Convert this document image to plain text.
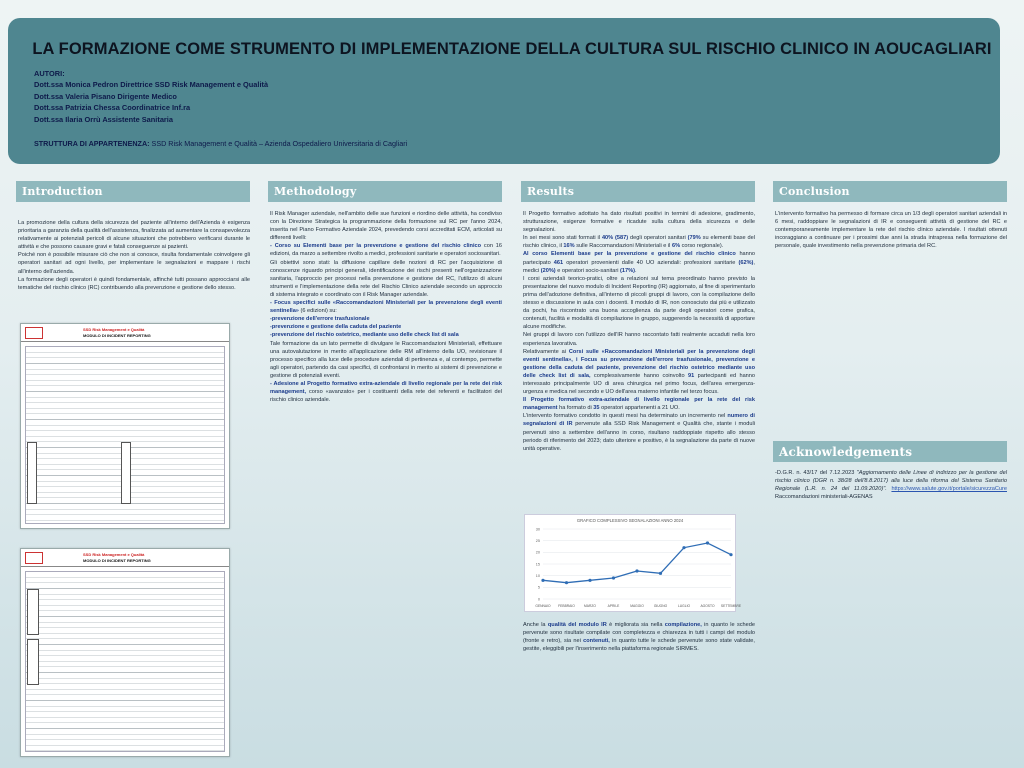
LA FORMAZIONE COME STRUMENTO DI IMPLEMENTAZIONE DELLA CULTURA SUL RISCHIO CLINICO IN AOUCAGLIARI
AUTORI:
Dott.ssa Monica Pedron Direttrice SSD Risk Management e Qualità
Dott.ssa Valeria Pisano Dirigente Medico
Dott.ssa Patrizia Chessa Coordinatrice Inf.ra
Dott.ssa Ilaria Orrù Assistente Sanitaria
STRUTTURA DI APPARTENENZA: SSD Risk Management e Qualità – Azienda Ospedaliero Universitaria di Cagliari
Introduction

La promozione della cultura della sicurezza del paziente all'interno dell'Azienda è esigenza prioritaria a garanzia della qualità dell'assistenza, finalizzata ad aumentare la consapevolezza relativamente ai potenziali pericoli di alcune situazioni che potrebbero verificarsi durante le attività e che possono causare gravi e fatali conseguenze ai pazienti.

Poiché non è possibile misurare ciò che non si conosce, risulta fondamentale coinvolgere gli operatori sanitari ad ogni livello, per implementare le segnalazioni e mappare i rischi all'interno dell'azienda.

La formazione degli operatori è quindi fondamentale, affinché tutti possano approcciarsi alle tematiche del rischio clinico (RC) contribuendo alla prevenzione e gestione dello stesso.

SSD Risk Management e Qualità
MODULO DI INCIDENT REPORTING
SSD Risk Management e Qualità
MODULO DI INCIDENT REPORTING
Methodology

Il Risk Manager aziendale, nell'ambito delle sue funzioni e riordino delle attività, ha condiviso con la Direzione Strategica la programmazione della formazione sul RC per l'anno 2024, inserita nel Piano Formativo Aziendale 2024, prevedendo corsi accreditati ECM, articolati su differenti livelli:

- Corso su Elementi base per la prevenzione e gestione del rischio clinico con 16 edizioni, da marzo a settembre rivolto a medici, professioni sanitarie e operatori sociosanitari.

Gli obiettivi sono stati: la diffusione capillare delle nozioni di RC per l'acquisizione di conoscenze riguardo principi generali, identificazione dei rischi presenti nell'organizzazione sanitaria, l'approccio per processi nella prevenzione e gestione del RC, l'utilizzo di alcuni strumenti e l'implementazione della rete del Rischio Clinico aziendale secondo un approccio di sistema integrato e coordinato con il Risk Manager aziendale.

- Focus specifici sulle «Raccomandazioni Ministeriali per la prevenzione degli eventi sentinella» (6 edizioni) su:

-prevenzione dell'errore trasfusionale

-prevenzione e gestione della caduta del paziente

-prevenzione del rischio ostetrico, mediante uso delle check list di sala

Tale formazione da un lato permette di divulgare le Raccomandazioni Ministeriali, effettuare una autovalutazione in merito all'applicazione delle RM all'interno della UO, revisionare il processo specifico alla luce delle procedure aziendali di pertinenza e, al contempo, permette agli operatori, partendo da casi specifici, di confrontarsi in merito ai sistemi di prevenzione e gestione di potenziali eventi.

- Adesione al Progetto formativo extra-aziendale di livello regionale per la rete dei risk management, corso «avanzato» per i costituenti della rete dei referenti e facilitatori del rischio clinico aziendale.

Results

Il Progetto formativo adottato ha dato risultati positivi in termini di adesione, gradimento, strutturazione, esigenze formative e ricadute sulla cultura della sicurezza e delle segnalazioni.

In sei mesi sono stati formati il 40% (587) degli operatori sanitari (79% su elementi base del rischio clinico, il 16% sulle Raccomandazioni Ministeriali e il 6% corso regionale).

Al corso Elementi base per la prevenzione e gestione del rischio clinico hanno partecipato 461 operatori provenienti dalle 40 UO aziendali: professioni sanitarie (62%), medici (20%) e operatori socio-sanitari (17%).

I corsi aziendali teorico-pratici, oltre a relazioni sul tema preordinato hanno previsto la presentazione del nuovo modulo di Incident Reporting (IR) aggiornato, al fine di sperimentarlo prima dell'adozione definitiva, all'interno di piccoli gruppi di lavoro, con la compilazione dello stesso e discussione in aula con i docenti. Il modulo di IR, non conosciuto dai più e utilizzato da pochi, ha riscontrato una buona accoglienza da parte degli operatori come grafica, contenuti, facilità e modalità di compilazione in gruppo, suggerendo la necessità di apportare alcune modifiche.

Nei gruppi di lavoro con l'utilizzo dell'IR hanno raccontato fatti realmente accaduti nella loro esperienza lavorativa.

Relativamente ai Corsi sulle «Raccomandazioni Ministeriali per la prevenzione degli eventi sentinella», i Focus su prevenzione dell'errore trasfusionale, prevenzione e gestione della caduta del paziente, prevenzione del rischio ostetrico mediante uso delle check list di sala, complessivamente hanno coinvolto 91 partecipanti ed hanno interessato principalmente UO di area chirurgica nel primo focus, dell'area emergenza-urgenza e medica nel secondo e UO dell'area materno infantile nel terzo focus.

Il Progetto formativo extra-aziendale di livello regionale per la rete del risk management ha formato di 35 operatori appartenenti a 21 UO.

L'intervento formativo condotto in questi mesi ha determinato un incremento nel numero di segnalazioni di IR pervenute alla SSD Risk Management e Qualità che, stante i moduli pervenuti sino a settembre dell'anno in corso, risultano raddoppiate rispetto allo stesso periodo di riferimento del 2023; dato ulteriore e positivo, è la segnalazione da parte di nuove unità operative.

GRAFICO COMPLESSIVO SEGNALAZIONI ANNO 2024
0
5
10
15
20
25
30
GENNAIO FEBBRAIO	MARZO	APRILE	MAGGIO	GIUGNO	LUGLIO	AGOSTO SETTEMBRE

Anche la qualità del modulo IR è migliorata sia nella compilazione, in quanto le schede pervenute sono risultate compilate con completezza e chiarezza in tutti i campi del modulo (fronte e retro), sia nei contenuti, in quanto tutte le schede pervenute sono state validate, gestite, eleggibili per l'inserimento nella piattaforma regionale SIRMES.

Conclusion
L'intervento formativo ha permesso di formare circa un 1/3 degli operatori sanitari aziendali in 6 mesi, raddoppiare le segnalazioni di IR e conseguenti attività di gestione del RC e contemporaneamente implementare la rete del rischio clinico aziendale. I risultati ottenuti incoraggiano a continuare per i prossimi due anni la strada intrapresa nella formazione del personale, quale investimento nella prevenzione primaria del RC.
Acknowledgements
-D.G.R. n. 43/17 del 7.12.2023 "Aggiornamento delle Linee di indirizzo per la gestione del rischio clinico (DGR n. 38/28 dell'8.8.2017) alla luce della riforma del Sistema Sanitario Regionale (L.R. n. 24 del 11.09.2020)". https://www.salute.gov.it/portale/sicurezzaCure Raccomandazioni ministeriali-AGENAS
